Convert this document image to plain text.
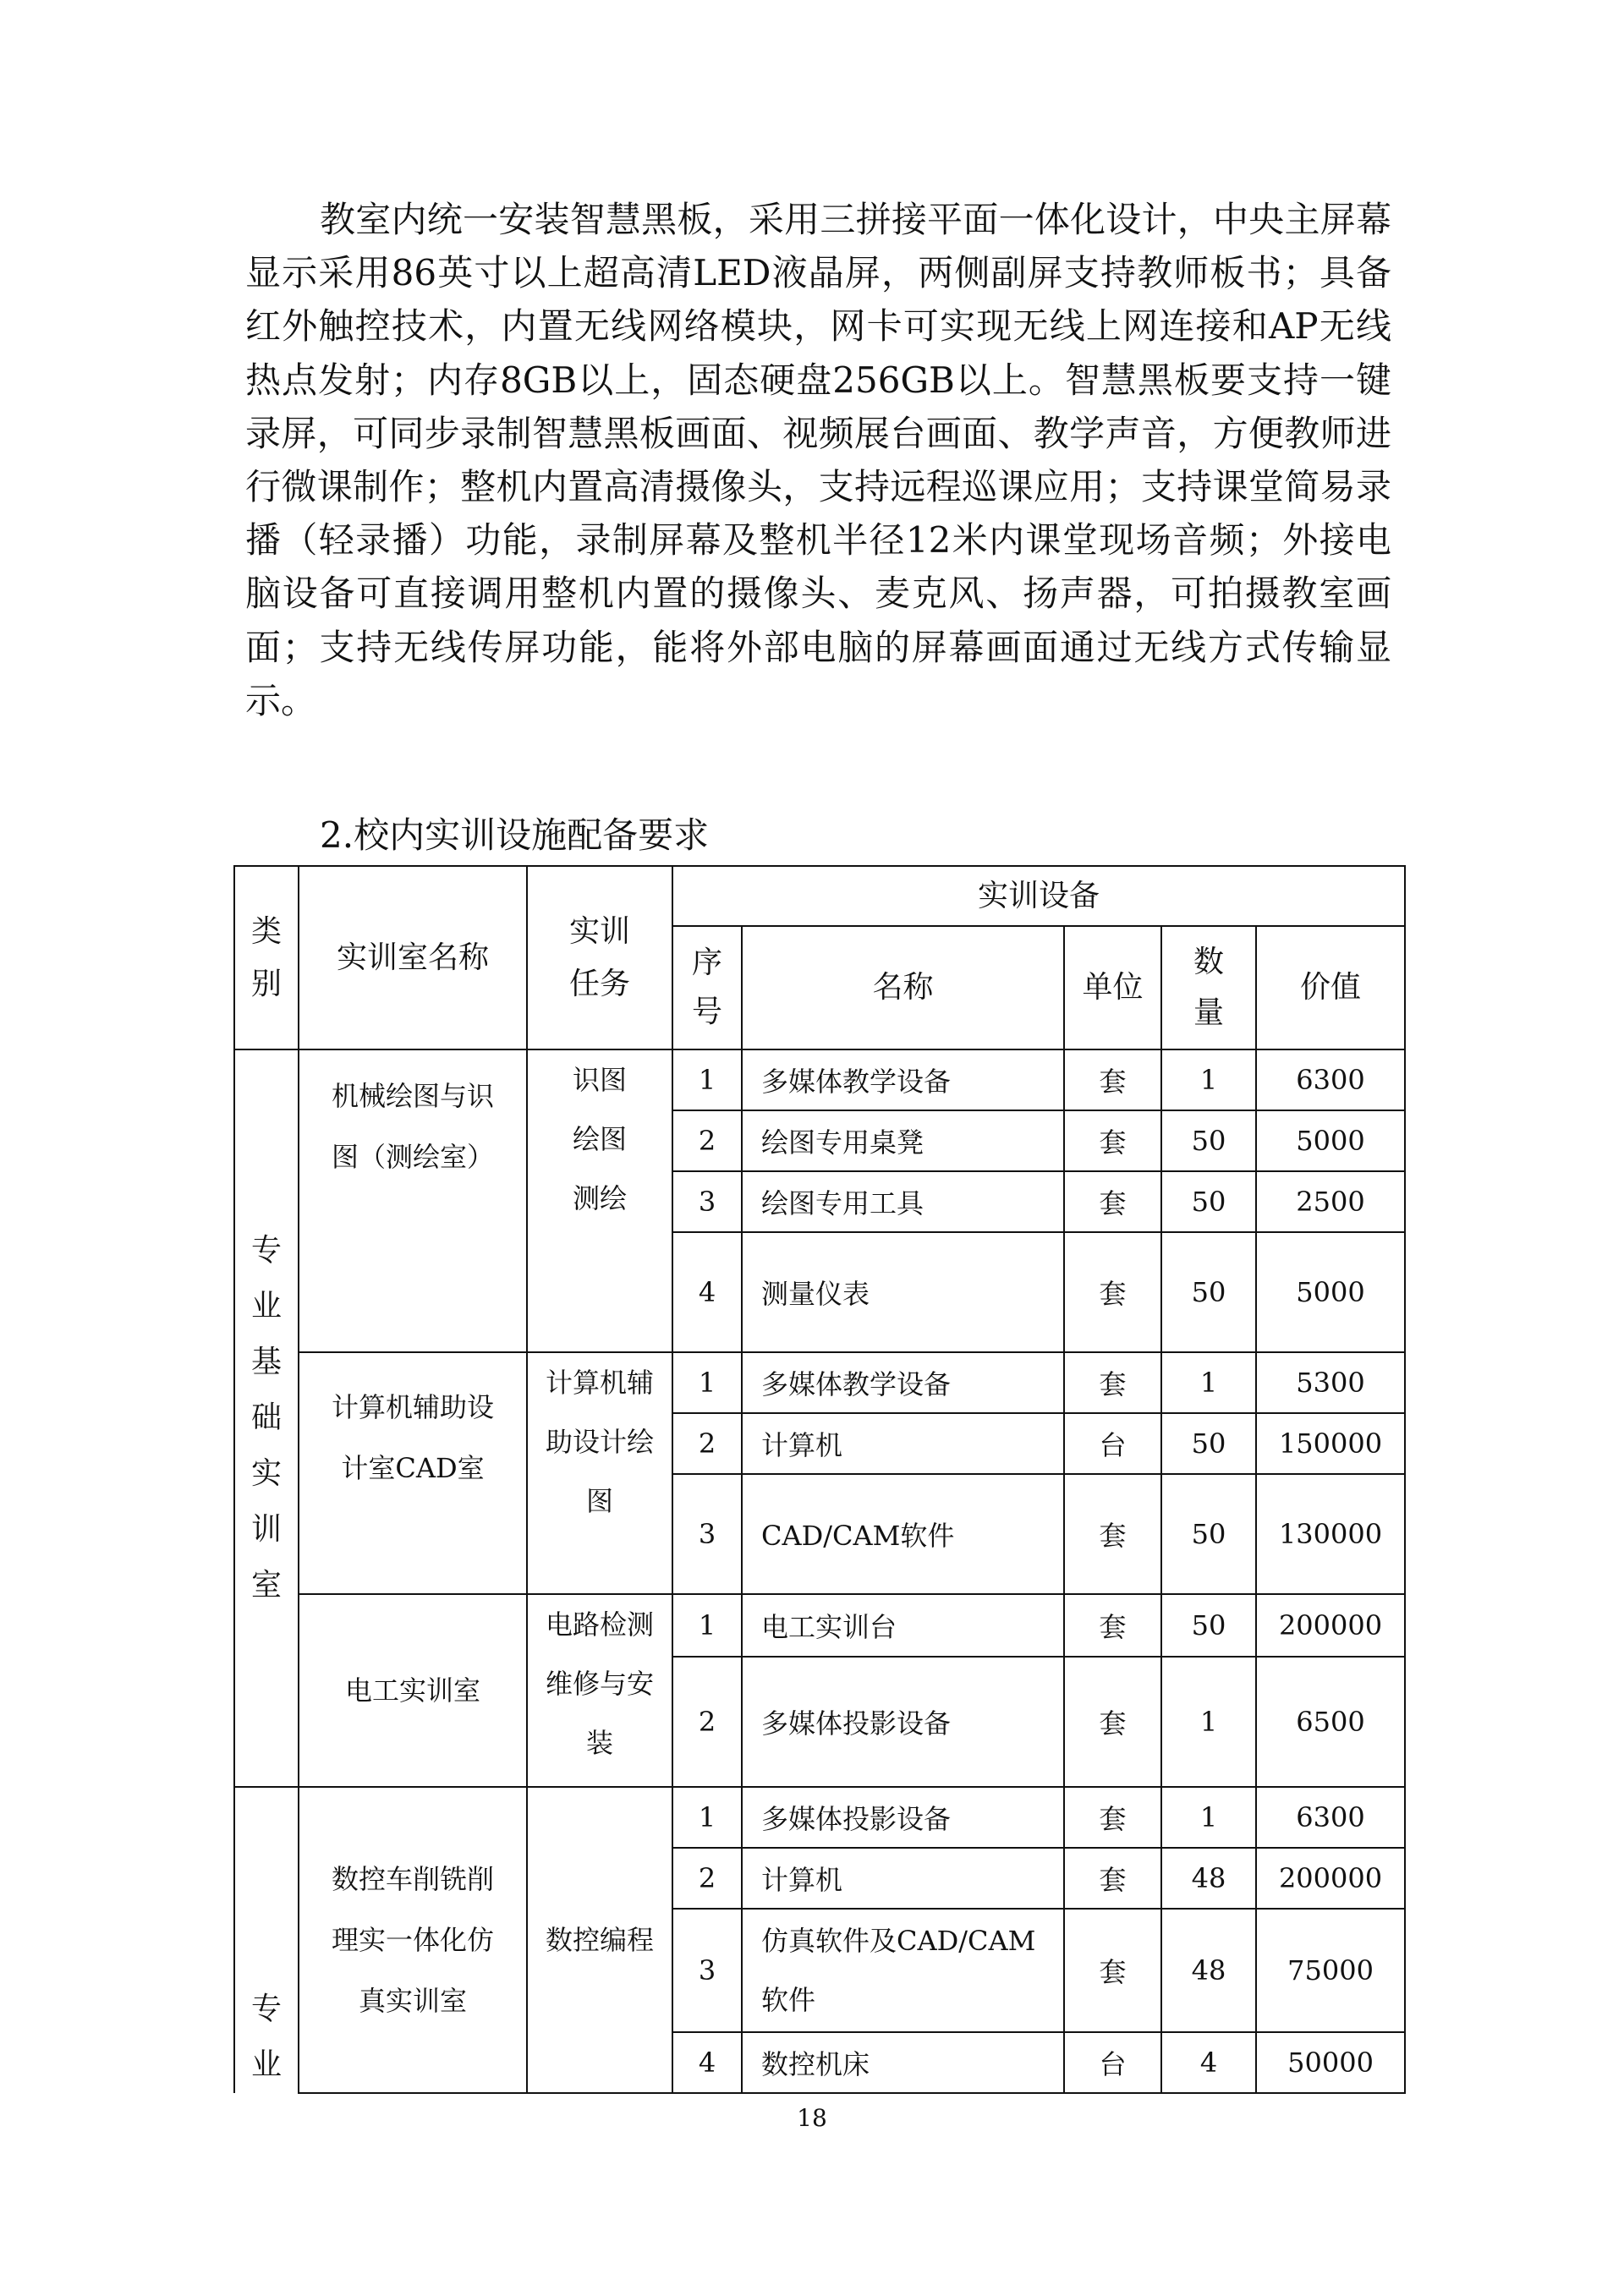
教室内统一安装智慧黑板，采用三拼接平面一体化设计，中央主屏幕显示采用86英寸以上超高清LED液晶屏，两侧副屏支持教师板书；具备红外触控技术，内置无线网络模块，网卡可实现无线上网连接和AP无线热点发射；内存8GB以上，固态硬盘256GB以上。智慧黑板要支持一键录屏，可同步录制智慧黑板画面、视频展台画面、教学声音，方便教师进行微课制作；整机内置高清摄像头，支持远程巡课应用；支持课堂简易录播（轻录播）功能，录制屏幕及整机半径12米内课堂现场音频；外接电脑设备可直接调用整机内置的摄像头、麦克风、扬声器，可拍摄教室画面；支持无线传屏功能，能将外部电脑的屏幕画面通过无线方式传输显示。

2.校内实训设施配备要求

类别	实训室名称	实训任务	实训设备				
			序号	名称	单位	数量	价值
专业基础实训室	机械绘图与识图（测绘室）	识图绘图测绘	1	多媒体教学设备	套	1	6300
			2	绘图专用桌凳	套	50	5000
			3	绘图专用工具	套	50	2500
			4	测量仪表	套	50	5000
	计算机辅助设计室CAD室	计算机辅助设计绘图	1	多媒体教学设备	套	1	5300
			2	计算机	台	50	150000
			3	CAD/CAM软件	套	50	130000
	电工实训室	电路检测维修与安装	1	电工实训台	套	50	200000
			2	多媒体投影设备	套	1	6500
专业	数控车削铣削理实一体化仿真实训室	数控编程	1	多媒体投影设备	套	1	6300
			2	计算机	套	48	200000
			3	仿真软件及CAD/CAM软件	套	48	75000
			4	数控机床	台	4	50000
18
